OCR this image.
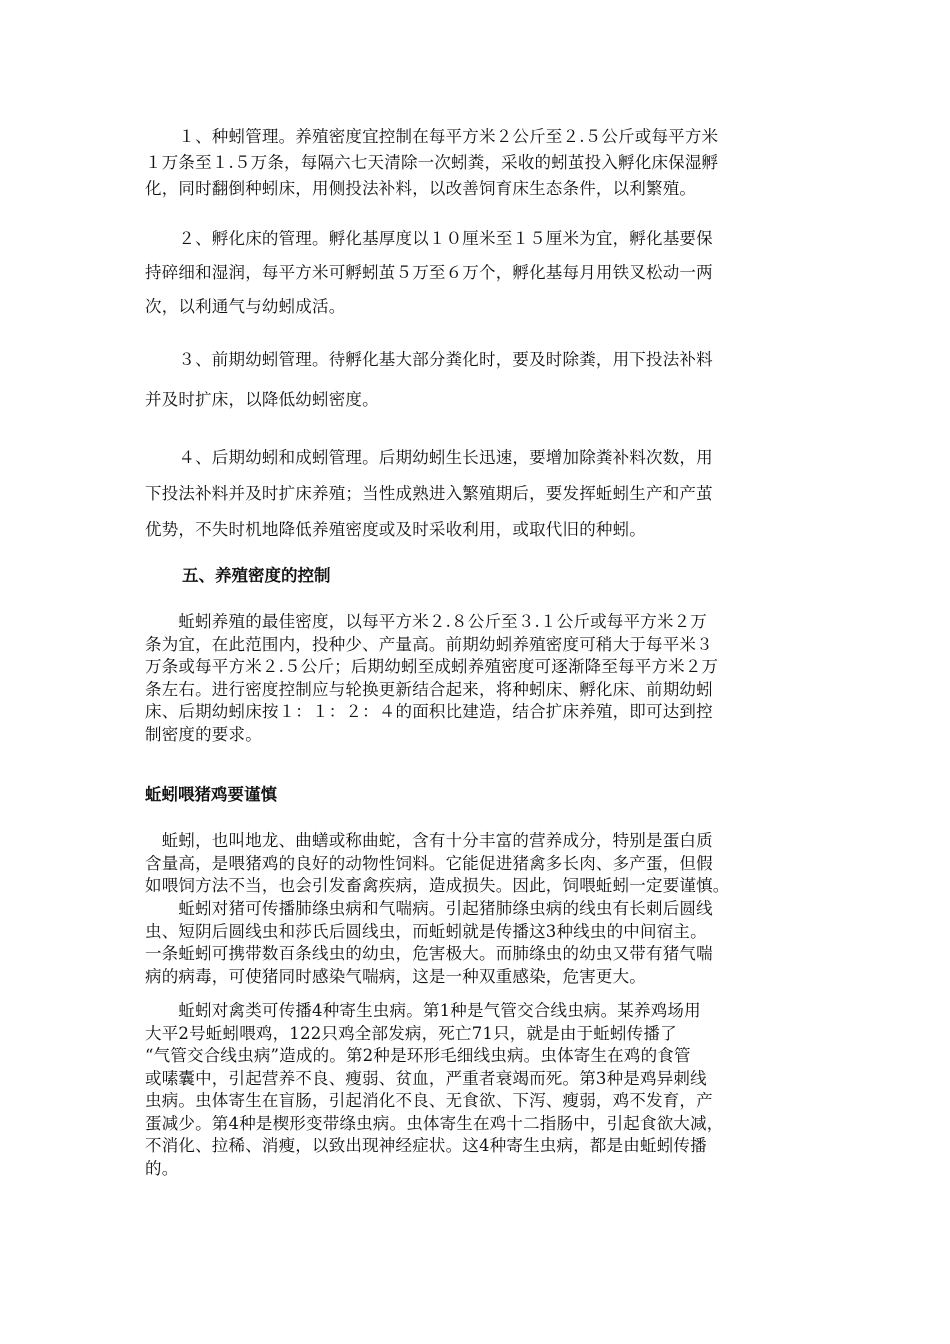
　　１、种蚓管理。养殖密度宜控制在每平方米２公斤至２.５公斤或每平方米
１万条至１.５万条，每隔六七天清除一次蚓粪，采收的蚓茧投入孵化床保湿孵
化，同时翻倒种蚓床，用侧投法补料，以改善饲育床生态条件，以利繁殖。
　　２、孵化床的管理。孵化基厚度以１０厘米至１５厘米为宜，孵化基要保
持碎细和湿润，每平方米可孵蚓茧５万至６万个，孵化基每月用铁叉松动一两
次，以利通气与幼蚓成活。
　　３、前期幼蚓管理。待孵化基大部分粪化时，要及时除粪，用下投法补料
并及时扩床，以降低幼蚓密度。
　　４、后期幼蚓和成蚓管理。后期幼蚓生长迅速，要增加除粪补料次数，用
下投法补料并及时扩床养殖；当性成熟进入繁殖期后，要发挥蚯蚓生产和产茧
优势，不失时机地降低养殖密度或及时采收利用，或取代旧的种蚓。
五、养殖密度的控制
　　蚯蚓养殖的最佳密度，以每平方米２.８公斤至３.１公斤或每平方米２万
条为宜，在此范围内，投种少、产量高。前期幼蚓养殖密度可稍大于每平米３
万条或每平方米２.５公斤；后期幼蚓至成蚓养殖密度可逐渐降至每平方米２万
条左右。进行密度控制应与轮换更新结合起来，将种蚓床、孵化床、前期幼蚓
床、后期幼蚓床按１：１：２：４的面积比建造，结合扩床养殖，即可达到控
制密度的要求。
蚯蚓喂猪鸡要谨慎
　蚯蚓，也叫地龙、曲蟮或称曲蛇，含有十分丰富的营养成分，特别是蛋白质
含量高，是喂猪鸡的良好的动物性饲料。它能促进猪禽多长肉、多产蛋，但假
如喂饲方法不当，也会引发畜禽疾病，造成损失。因此，饲喂蚯蚓一定要谨慎。
　　蚯蚓对猪可传播肺绦虫病和气喘病。引起猪肺绦虫病的线虫有长刺后圆线
虫、短阴后圆线虫和莎氏后圆线虫，而蚯蚓就是传播这3种线虫的中间宿主。
一条蚯蚓可携带数百条线虫的幼虫，危害极大。而肺绦虫的幼虫又带有猪气喘
病的病毒，可使猪同时感染气喘病，这是一种双重感染，危害更大。
　　蚯蚓对禽类可传播4种寄生虫病。第1种是气管交合线虫病。某养鸡场用
大平2号蚯蚓喂鸡，122只鸡全部发病，死亡71只，就是由于蚯蚓传播了
“气管交合线虫病”造成的。第2种是环形毛细线虫病。虫体寄生在鸡的食管
或嗉囊中，引起营养不良、瘦弱、贫血，严重者衰竭而死。第3种是鸡异刺线
虫病。虫体寄生在盲肠，引起消化不良、无食欲、下泻、瘦弱，鸡不发育，产
蛋减少。第4种是楔形变带绦虫病。虫体寄生在鸡十二指肠中，引起食欲大减，
不消化、拉稀、消瘦，以致出现神经症状。这4种寄生虫病，都是由蚯蚓传播
的。
